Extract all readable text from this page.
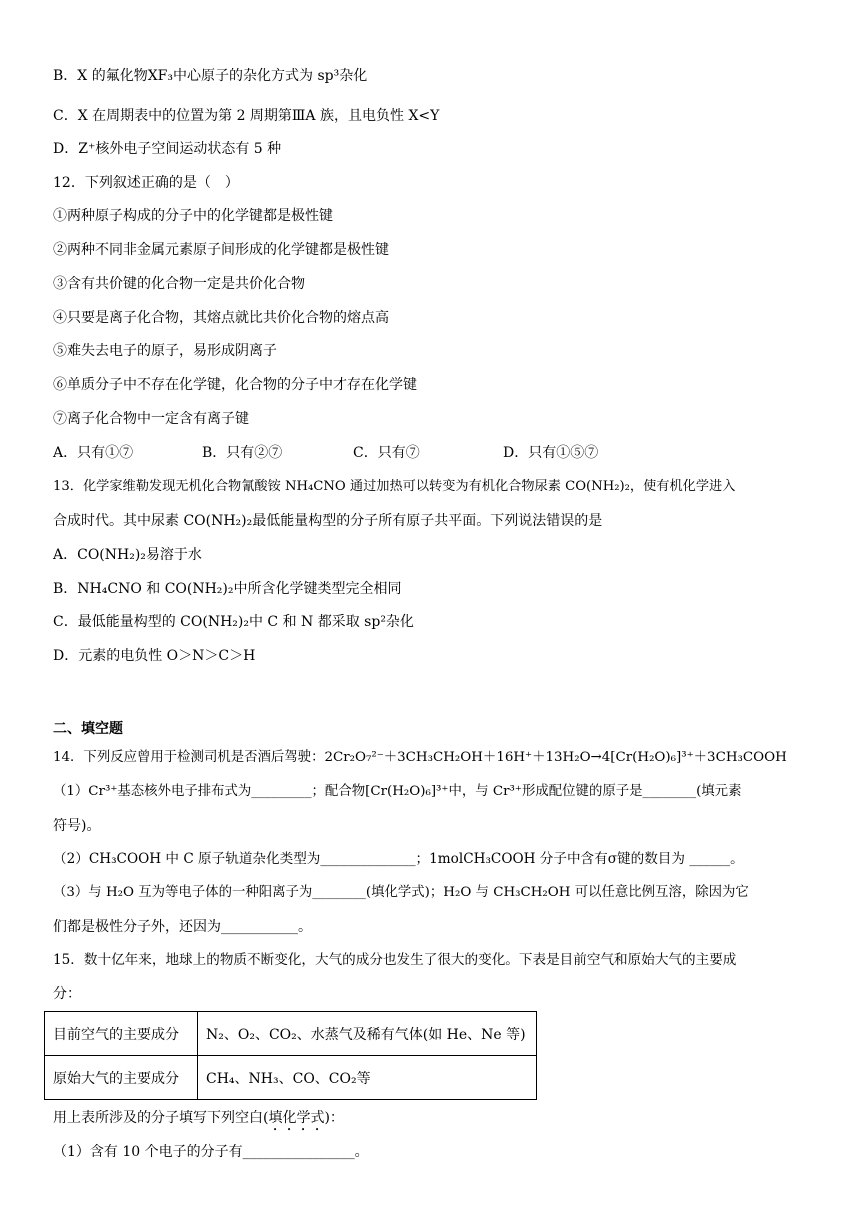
B．X 的氟化物XF₃中心原子的杂化方式为 sp³杂化
C．X 在周期表中的位置为第 2 周期第ⅢA 族，且电负性 X<Y
D．Z⁺核外电子空间运动状态有 5 种
12．下列叙述正确的是（　）
①两种原子构成的分子中的化学键都是极性键
②两种不同非金属元素原子间形成的化学键都是极性键
③含有共价键的化合物一定是共价化合物
④只要是离子化合物，其熔点就比共价化合物的熔点高
⑤难失去电子的原子，易形成阴离子
⑥单质分子中不存在化学键，化合物的分子中才存在化学键
⑦离子化合物中一定含有离子键
A．只有①⑦	B．只有②⑦	C．只有⑦	D．只有①⑤⑦
13．化学家维勒发现无机化合物氰酸铵 NH₄CNO 通过加热可以转变为有机化合物尿素 CO(NH₂)₂，使有机化学进入
合成时代。其中尿素 CO(NH₂)₂最低能量构型的分子所有原子共平面。下列说法错误的是
A．CO(NH₂)₂易溶于水
B．NH₄CNO 和 CO(NH₂)₂中所含化学键类型完全相同
C．最低能量构型的 CO(NH₂)₂中 C 和 N 都采取 sp²杂化
D．元素的电负性 O＞N＞C＞H
二、填空题
14．下列反应曾用于检测司机是否酒后驾驶：2Cr₂O₇²⁻＋3CH₃CH₂OH＋16H⁺＋13H₂O→4[Cr(H₂O)₆]³⁺＋3CH₃COOH
（1）Cr³⁺基态核外电子排布式为_________；配合物[Cr(H₂O)₆]³⁺中，与 Cr³⁺形成配位键的原子是________(填元素
符号)。
（2）CH₃COOH 中 C 原子轨道杂化类型为______________；1molCH₃COOH 分子中含有σ键的数目为 ______。
（3）与 H₂O 互为等电子体的一种阳离子为________(填化学式)；H₂O 与 CH₃CH₂OH 可以任意比例互溶，除因为它
们都是极性分子外，还因为___________。
15．数十亿年来，地球上的物质不断变化，大气的成分也发生了很大的变化。下表是目前空气和原始大气的主要成
分：
目前空气的主要成分	N₂、O₂、CO₂、水蒸气及稀有气体(如 He、Ne 等)
原始大气的主要成分	CH₄、NH₃、CO、CO₂等
用上表所涉及的分子填写下列空白(填化学式)：
（1）含有 10 个电子的分子有________________。
